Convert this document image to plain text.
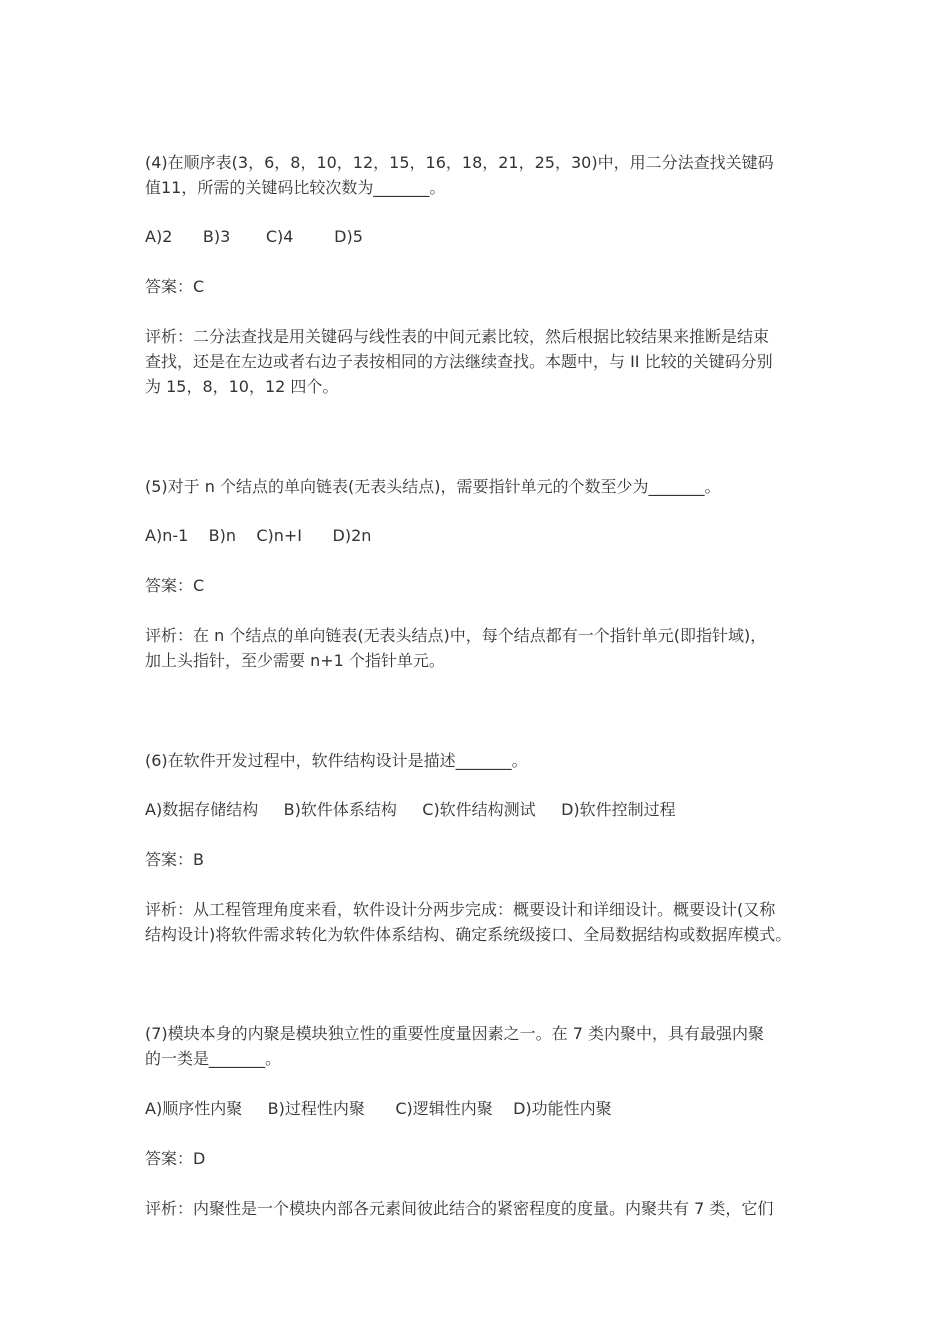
(4)在顺序表(3，6，8，10，12，15，16，18，21，25，30)中，用二分法查找关键码
值11，所需的关键码比较次数为_______。
A)2      B)3       C)4        D)5
答案：C
评析：二分法查找是用关键码与线性表的中间元素比较，然后根据比较结果来推断是结束
查找，还是在左边或者右边子表按相同的方法继续查找。本题中，与 II 比较的关键码分别
为 15，8，10，12 四个。
(5)对于 n 个结点的单向链表(无表头结点)，需要指针单元的个数至少为_______。
A)n-1    B)n    C)n+I      D)2n
答案：C
评析：在 n 个结点的单向链表(无表头结点)中，每个结点都有一个指针单元(即指针域)，
加上头指针，至少需要 n+1 个指针单元。
(6)在软件开发过程中，软件结构设计是描述_______。
A)数据存储结构     B)软件体系结构     C)软件结构测试     D)软件控制过程
答案：B
评析：从工程管理角度来看，软件设计分两步完成：概要设计和详细设计。概要设计(又称
结构设计)将软件需求转化为软件体系结构、确定系统级接口、全局数据结构或数据库模式。
(7)模块本身的内聚是模块独立性的重要性度量因素之一。在 7 类内聚中，具有最强内聚
的一类是_______。
A)顺序性内聚     B)过程性内聚      C)逻辑性内聚    D)功能性内聚
答案：D
评析：内聚性是一个模块内部各元素间彼此结合的紧密程度的度量。内聚共有 7 类，它们
